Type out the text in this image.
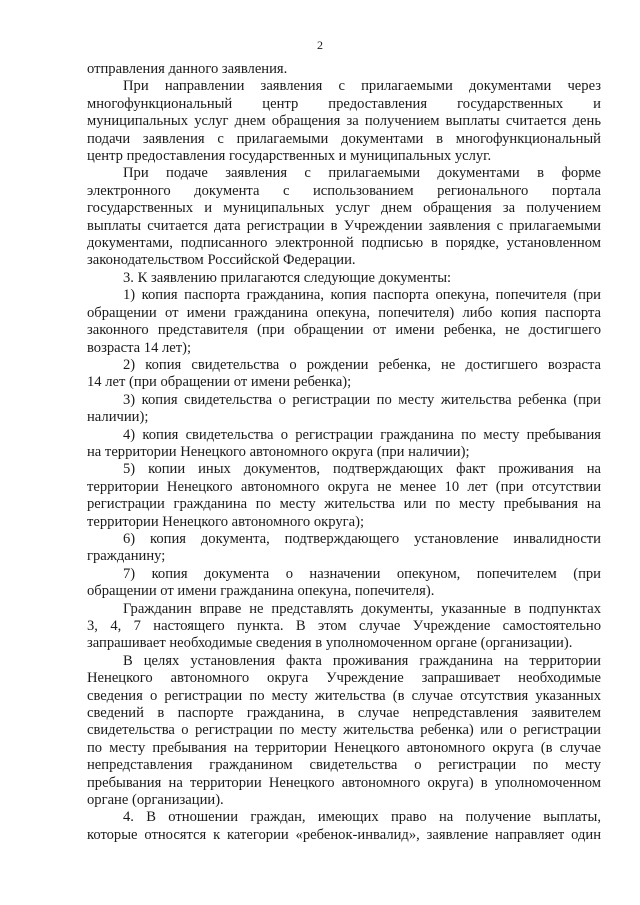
2
отправления данного заявления.
При направлении заявления с прилагаемыми документами через
многофункциональный центр предоставления государственных и
муниципальных услуг днем обращения за получением выплаты считается день
подачи заявления с прилагаемыми документами в многофункциональный
центр предоставления государственных и муниципальных услуг.
При подаче заявления с прилагаемыми документами в форме
электронного документа с использованием регионального портала
государственных и муниципальных услуг днем обращения за получением
выплаты считается дата регистрации в Учреждении заявления с прилагаемыми
документами, подписанного электронной подписью в порядке, установленном
законодательством Российской Федерации.
3. К заявлению прилагаются следующие документы:
1) копия паспорта гражданина, копия паспорта опекуна, попечителя (при
обращении от имени гражданина опекуна, попечителя) либо копия паспорта
законного представителя (при обращении от имени ребенка, не достигшего
возраста 14 лет);
2) копия свидетельства о рождении ребенка, не достигшего возраста
14 лет (при обращении от имени ребенка);
3) копия свидетельства о регистрации по месту жительства ребенка (при
наличии);
4) копия свидетельства о регистрации гражданина по месту пребывания
на территории Ненецкого автономного округа (при наличии);
5) копии иных документов, подтверждающих факт проживания на
территории Ненецкого автономного округа не менее 10 лет (при отсутствии
регистрации гражданина по месту жительства или по месту пребывания на
территории Ненецкого автономного округа);
6) копия документа, подтверждающего установление инвалидности
гражданину;
7) копия документа о назначении опекуном, попечителем (при
обращении от имени гражданина опекуна, попечителя).
Гражданин вправе не представлять документы, указанные в подпунктах
3, 4, 7 настоящего пункта. В этом случае Учреждение самостоятельно
запрашивает необходимые сведения в уполномоченном органе (организации).
В целях установления факта проживания гражданина на территории
Ненецкого автономного округа Учреждение запрашивает необходимые
сведения о регистрации по месту жительства (в случае отсутствия указанных
сведений в паспорте гражданина, в случае непредставления заявителем
свидетельства о регистрации по месту жительства ребенка) или о регистрации
по месту пребывания на территории Ненецкого автономного округа (в случае
непредставления гражданином свидетельства о регистрации по месту
пребывания на территории Ненецкого автономного округа) в уполномоченном
органе (организации).
4. В отношении граждан, имеющих право на получение выплаты,
которые относятся к категории «ребенок-инвалид», заявление направляет один
